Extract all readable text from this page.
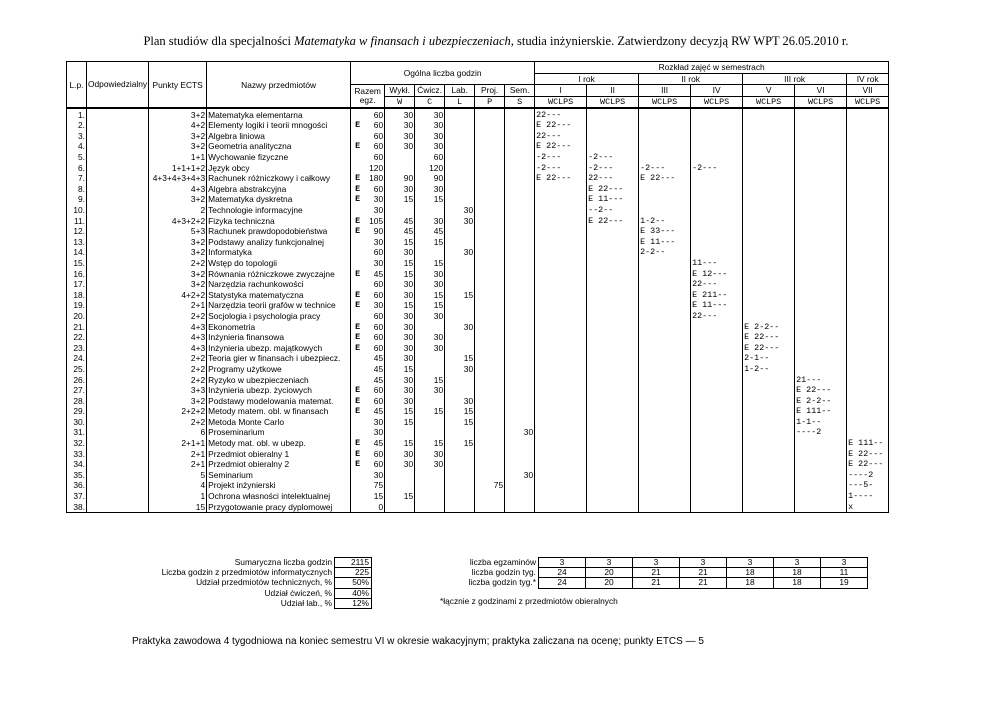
Plan studiów dla specjalności Matematyka w finansach i ubezpieczeniach, studia inżynierskie. Zatwierdzony decyzją RW WPT 26.05.2010 r.
L.p.	Odpowiedzialny	Punkty ECTS	Nazwy przedmiotów	Ogólna liczba godzin						Rozkład zajęć w semestrach						
										I rok		II rok		III rok		IV rok
				Razem egz.	Wykł.	Ćwicz.	Lab.	Proj.	Sem.	I	II	III	IV	V	VI	VII
					W	C	L	P	S	WCLPS	WCLPS	WCLPS	WCLPS	WCLPS	WCLPS	WCLPS
1.		3+2	Matematyka elementarna	60	30	30				22---						
2.		4+2	Elementy logiki i teorii mnogości	E 60	30	30				E 22---						
3.		3+2	Algebra liniowa	60	30	30				22---						
4.		3+2	Geometria analityczna	E 60	30	30				E 22---						
5.		1+1	Wychowanie fizyczne	60		60				-2---	-2---					
6.		1+1+1+2	Język obcy	120		120				-2---	-2---	-2---	-2---			
7.		4+3+4+3+4+3	Rachunek różniczkowy i całkowy	E 180	90	90				E 22---	22---	E 22---				
8.		4+3	Algebra abstrakcyjna	E 60	30	30					E 22---					
9.		3+2	Matematyka dyskretna	E 30	15	15					E 11---					
10.		2	Technologie informacyjne	30			30				--2--					
11.		4+3+2+2	Fizyka techniczna	E 105	45	30	30				E 22---	1-2--				
12.		5+3	Rachunek prawdopodobieństwa	E 90	45	45						E 33---				
13.		3+2	Podstawy analizy funkcjonalnej	30	15	15						E 11---				
14.		3+2	Informatyka	60	30		30					2-2--				
15.		2+2	Wstęp do topologii	30	15	15							11---			
16.		3+2	Równania różniczkowe zwyczajne	E 45	15	30							E 12---			
17.		3+2	Narzędzia rachunkowości	60	30	30							22---			
18.		4+2+2	Statystyka matematyczna	E 60	30	15	15						E 211--			
19.		2+1	Narzędzia teorii grafów w technice	E 30	15	15							E 11---			
20.		2+2	Socjologia i psychologia pracy	60	30	30							22---			
21.		4+3	Ekonometria	E 60	30		30							E 2-2--		
22.		4+3	Inżynieria finansowa	E 60	30	30								E 22---		
23.		4+3	Inżynieria ubezp. majątkowych	E 60	30	30								E 22---		
24.		2+2	Teoria gier w finansach i ubezpiecz.	45	30		15							2-1--		
25.		2+2	Programy użytkowe	45	15		30							1-2--		
26.		2+2	Ryzyko w ubezpieczeniach	45	30	15									21---	
27.		3+3	Inżynieria ubezp. życiowych	E 60	30	30									E 22---	
28.		3+2	Podstawy modelowania matemat.	E 60	30		30								E 2-2--	
29.		2+2+2	Metody matem. obl. w finansach	E 45	15	15	15								E 111--	
30.		2+2	Metoda Monte Carlo	30	15		15								1-1--	
31.		6	Proseminarium	30					30						----2	
32.		2+1+1	Metody mat. obl. w ubezp.	E 45	15	15	15									E 111--
33.		2+1	Przedmiot obieralny 1	E 60	30	30										E 22---
34.		2+1	Przedmiot obieralny 2	E 60	30	30										E 22---
35.		5	Seminarium	30					30							----2
36.		4	Projekt inżynierski	75				75								---5-
37.		1	Ochrona własności intelektualnej	15	15											1----
38.		15	Przygotowanie pracy dyplomowej	0												x
Sumaryczna liczba godzin	2115
Liczba godzin z przedmiotów informatycznych	225
Udział przedmiotów technicznych, %	50%
Udział ćwiczeń, %	40%
Udział lab., %	12%
liczba egzaminów	3	3	3	3	3	3	3
liczba godzin tyg.	24	20	21	21	18	18	11
liczba godzin tyg.*	24	20	21	21	18	18	19
*łącznie z godzinami z przedmiotów obieralnych
Praktyka zawodowa 4 tygodniowa na koniec semestru VI w okresie wakacyjnym; praktyka zaliczana na ocenę; punkty ETCS — 5
